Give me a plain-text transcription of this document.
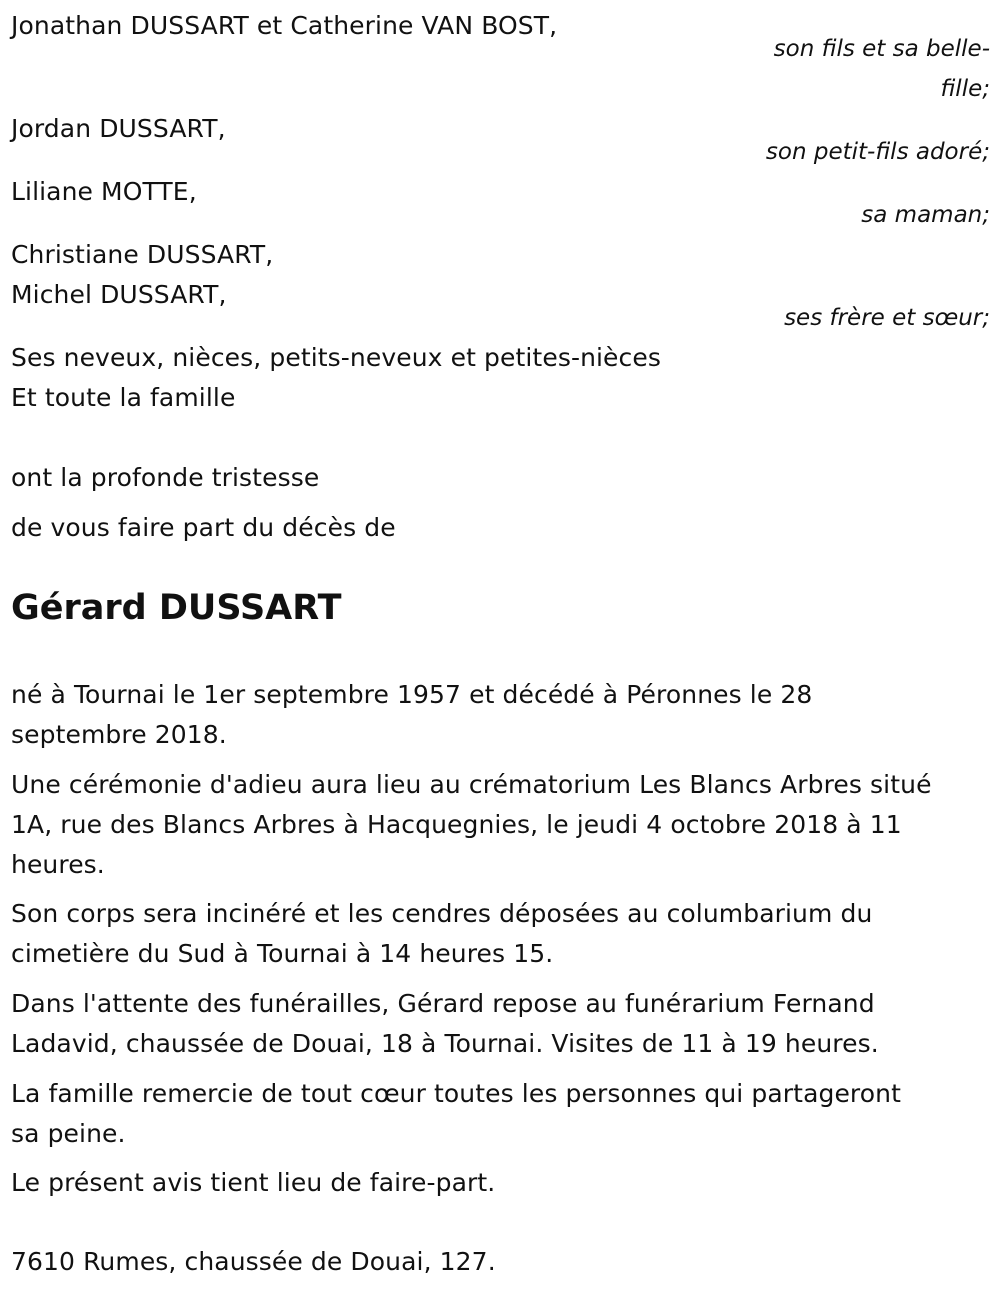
Jonathan DUSSART et Catherine VAN BOST,
son fils et sa belle-
fille;
Jordan DUSSART,
son petit-fils adoré;
Liliane MOTTE,
sa maman;
Christiane DUSSART,
Michel DUSSART,
ses frère et sœur;
Ses neveux, nièces, petits-neveux et petites-nièces
Et toute la famille
ont la profonde tristesse
de vous faire part du décès de
Gérard DUSSART
né à Tournai le 1er septembre 1957 et décédé à Péronnes le 28
septembre 2018.
Une cérémonie d'adieu aura lieu au crématorium Les Blancs Arbres situé
1A, rue des Blancs Arbres à Hacquegnies, le jeudi 4 octobre 2018 à 11
heures.
Son corps sera incinéré et les cendres déposées au columbarium du
cimetière du Sud à Tournai à 14 heures 15.
Dans l'attente des funérailles, Gérard repose au funérarium Fernand
Ladavid, chaussée de Douai, 18 à Tournai. Visites de 11 à 19 heures.
La famille remercie de tout cœur toutes les personnes qui partageront
sa peine.
Le présent avis tient lieu de faire-part.
7610 Rumes, chaussée de Douai, 127.
